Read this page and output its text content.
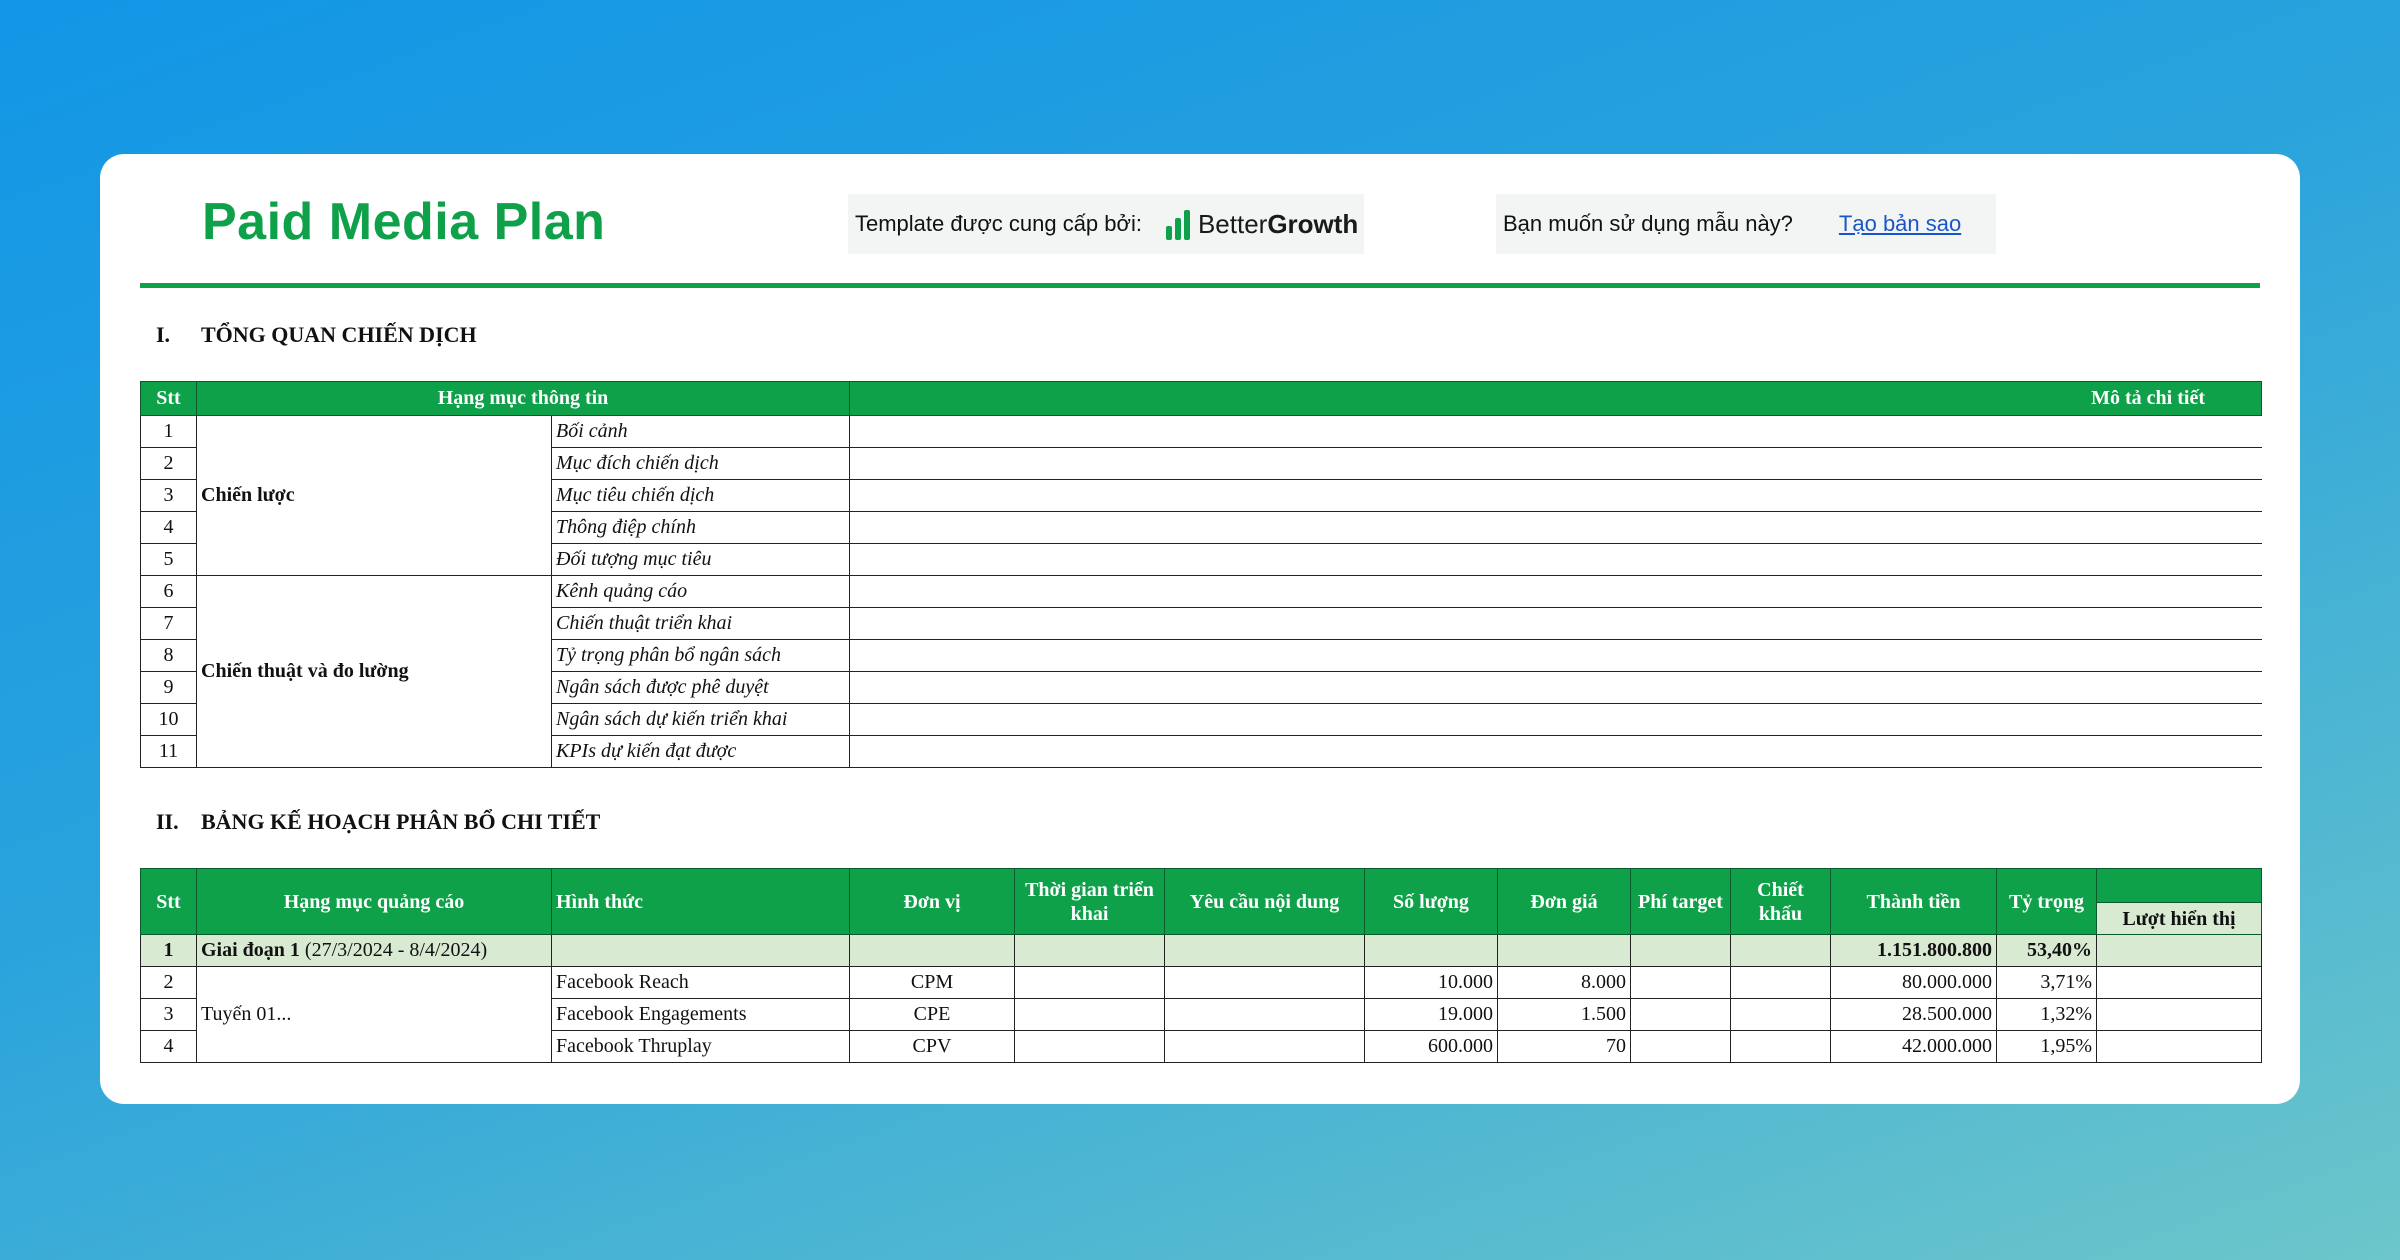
Paid Media Plan	Template được cung cấp bởi: BetterGrowth	Bạn muốn sử dụng mẫu này? Tạo bản sao
I.	TỔNG QUAN CHIẾN DỊCH
Stt	Hạng mục thông tin		Mô tả chi tiết
1	Chiến lược	Bối cảnh	
2		Mục đích chiến dịch	
3		Mục tiêu chiến dịch	
4		Thông điệp chính	
5		Đối tượng mục tiêu	
6	Chiến thuật và đo lường	Kênh quảng cáo	
7		Chiến thuật triển khai	
8		Tỷ trọng phân bổ ngân sách	
9		Ngân sách được phê duyệt	
10		Ngân sách dự kiến triển khai	
11		KPIs dự kiến đạt được	
II.	BẢNG KẾ HOẠCH PHÂN BỔ CHI TIẾT
Stt	Hạng mục quảng cáo	Hình thức	Đơn vị	Thời gian triển khai	Yêu cầu nội dung	Số lượng	Đơn giá	Phí target	Chiết khấu	Thành tiền	Tỷ trọng	Lượt hiển thị

1	Giai đoạn 1 (27/3/2024 - 8/4/2024)									1.151.800.800	53,40%	
2	Tuyến 01...	Facebook Reach	CPM			10.000	8.000			80.000.000	3,71%	
3		Facebook Engagements	CPE			19.000	1.500			28.500.000	1,32%	
4		Facebook Thruplay	CPV			600.000	70			42.000.000	1,95%	
